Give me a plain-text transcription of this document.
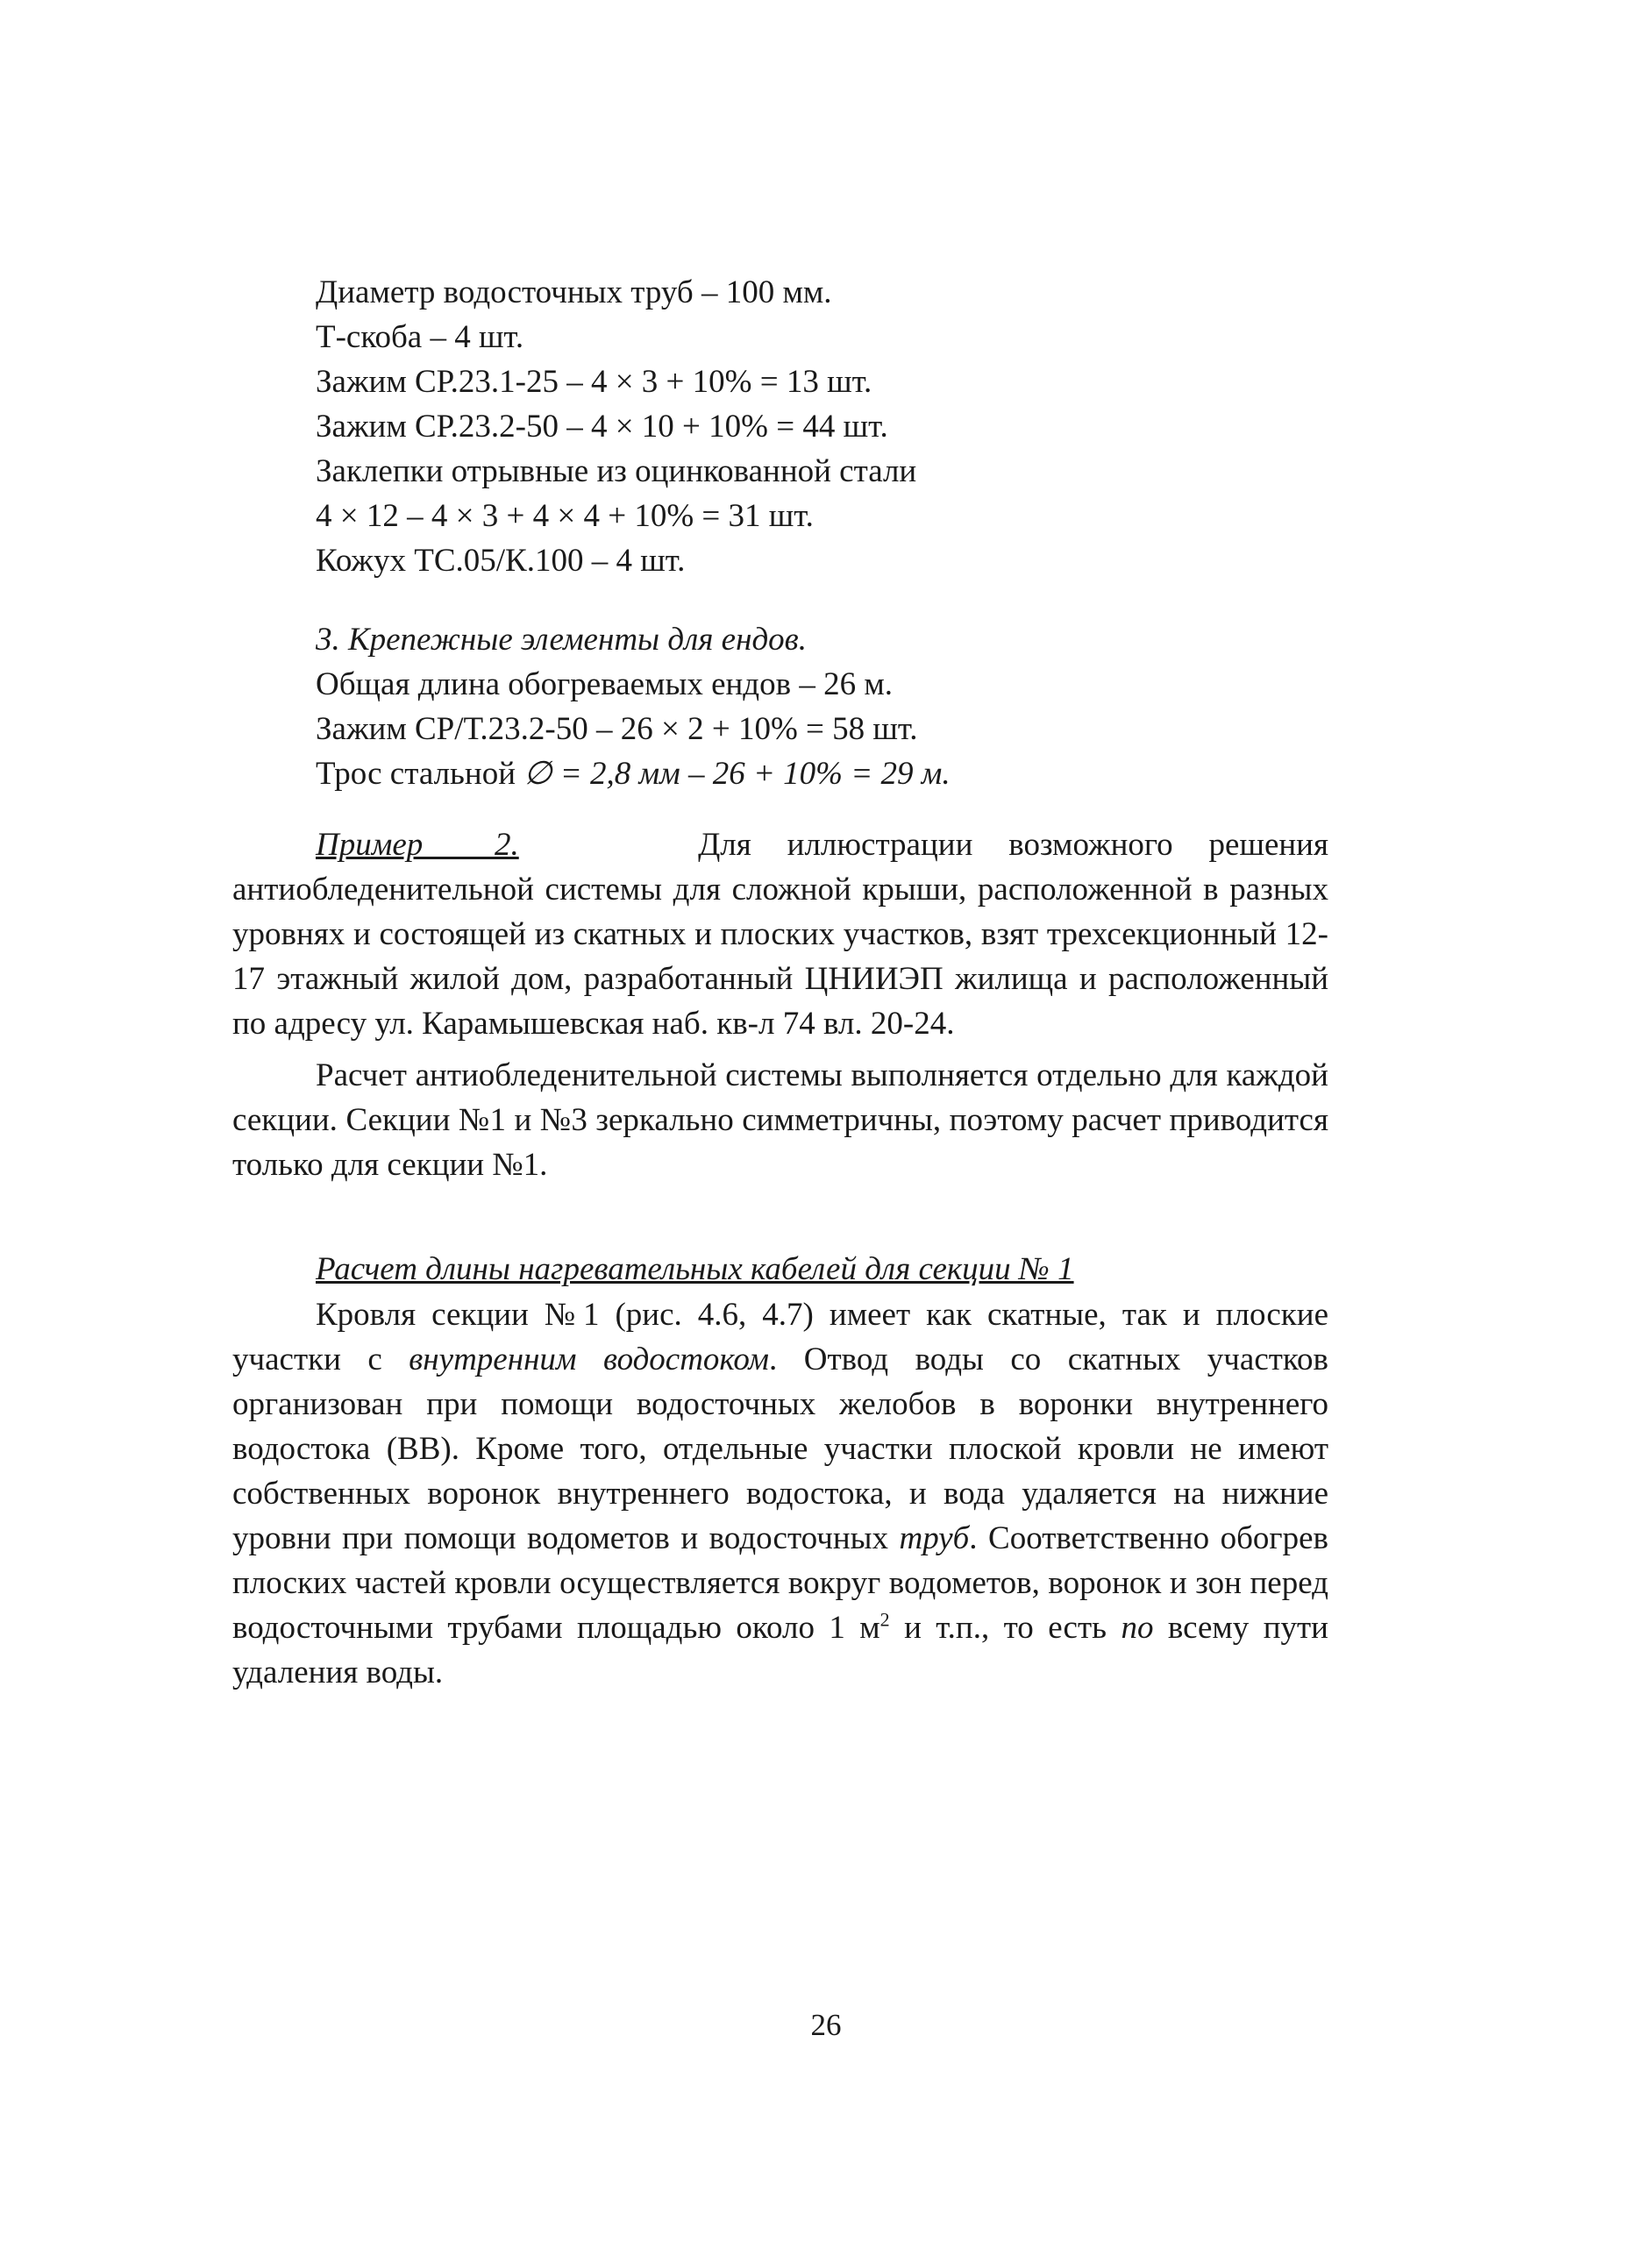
Диаметр водосточных труб – 100 мм.
Т-скоба – 4 шт.
Зажим СР.23.1-25 – 4 × 3 + 10% = 13 шт.
Зажим СР.23.2-50 – 4 × 10 + 10% = 44 шт.
Заклепки отрывные из оцинкованной стали
4 × 12 – 4 × 3 + 4 × 4 + 10% = 31 шт.
Кожух ТС.05/К.100 – 4 шт.
3. Крепежные элементы для ендов.
Общая длина обогреваемых ендов – 26 м.
Зажим СР/Т.23.2-50 – 26 × 2 + 10% = 58 шт.
Трос стальной ∅ = 2,8 мм – 26 + 10% = 29 м.

Пример  2.	Для иллюстрации возможного решения антиобледенительной системы для сложной крыши, расположенной в разных уровнях и состоящей из скатных и плоских участков, взят трехсекционный 12-17 этажный жилой дом, разработанный ЦНИИЭП жилища и расположенный по адресу ул. Карамышевская наб. кв-л 74 вл. 20-24.

Расчет антиобледенительной системы выполняется отдельно для каждой секции. Секции №1 и №3 зеркально симметричны, поэтому расчет приводится только для секции №1.

Расчет длины нагревательных кабелей для секции № 1

Кровля секции №1 (рис. 4.6, 4.7) имеет как скатные, так и плоские участки с внутренним водостоком. Отвод воды со скатных участков организован при помощи водосточных желобов в воронки внутреннего водостока (ВВ). Кроме того, отдельные участки плоской кровли не имеют собственных воронок внутреннего водостока, и вода удаляется на нижние уровни при помощи водометов и водосточных труб. Соответственно обогрев плоских частей кровли осуществляется вокруг водометов, воронок и зон перед водосточными трубами площадью около 1 $м^2$ и т.п., то есть по всему пути удаления воды.

26
